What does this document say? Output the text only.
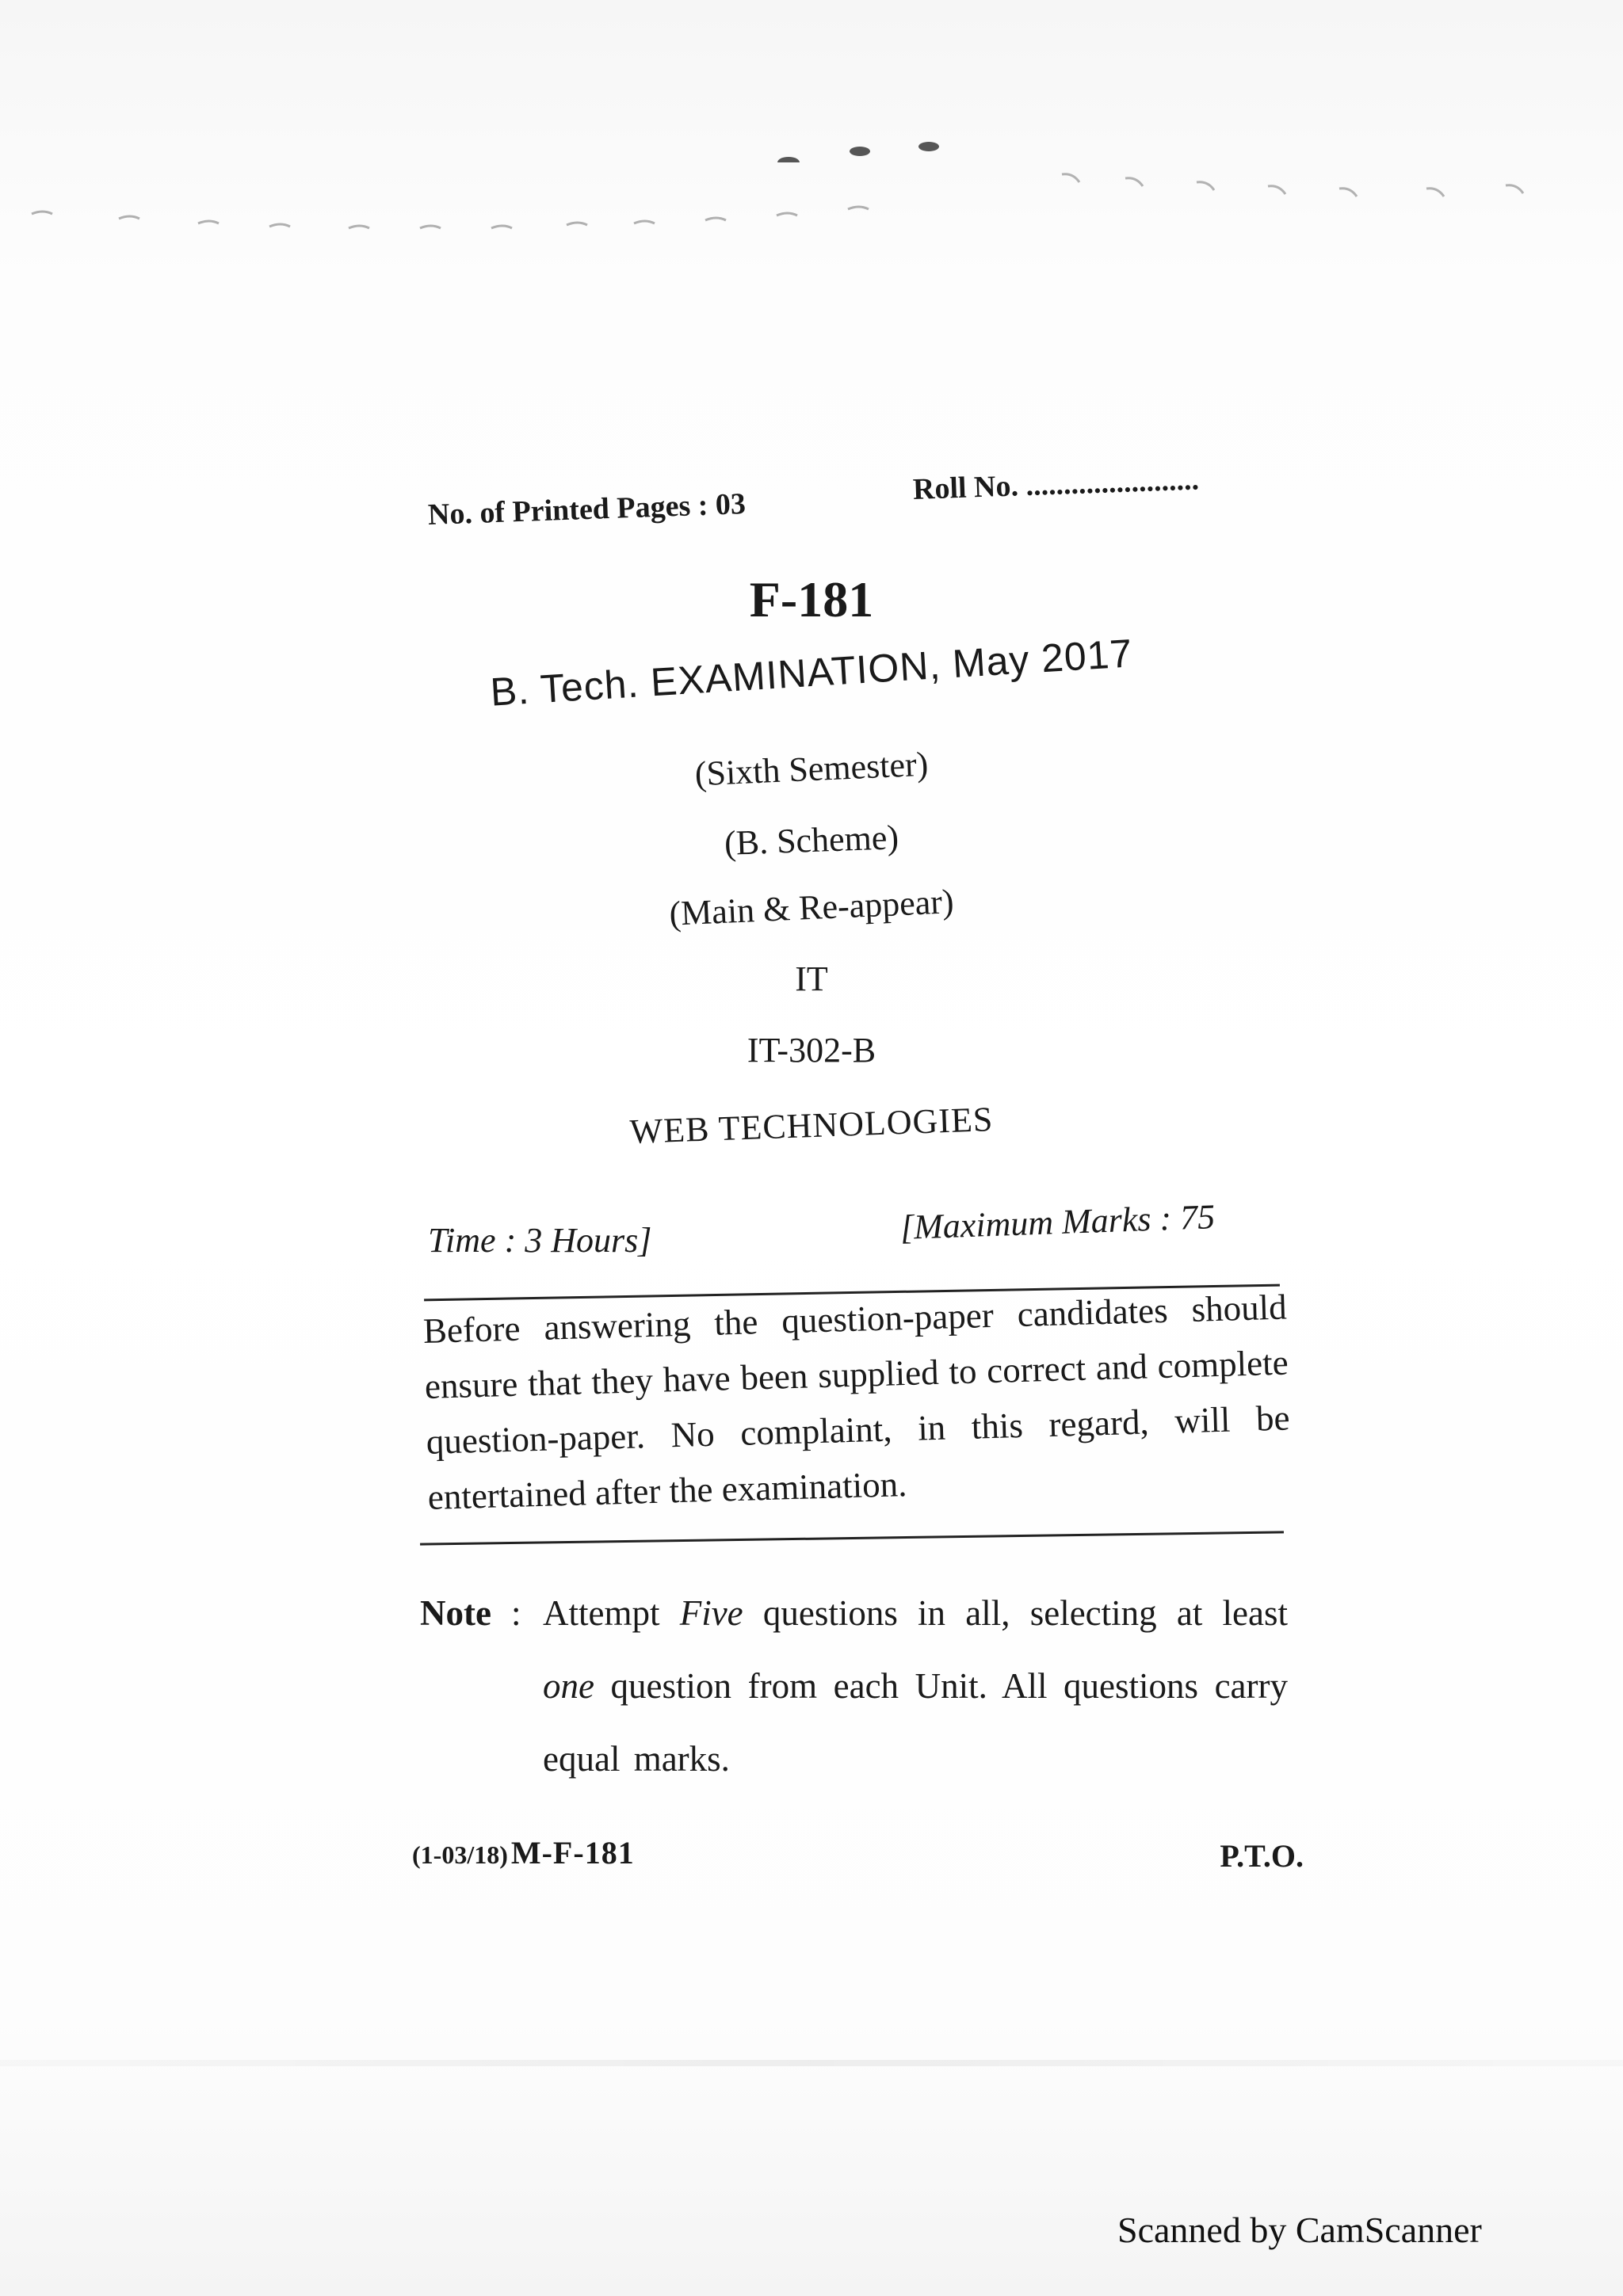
No. of Printed Pages : 03
Roll No. .......................
F-181
B. Tech. EXAMINATION, May 2017
(Sixth Semester)
(B. Scheme)
(Main & Re-appear)
IT
IT-302-B
WEB TECHNOLOGIES
Time : 3 Hours]	[Maximum Marks : 75
Before answering the question-paper candidates should ensure that they have been supplied to correct and complete question-paper. No complaint, in this regard, will be entertained after the examination.
Note : Attempt Five questions in all, selecting at least one question from each Unit. All questions carry equal marks.
(1-03/18) M-F-181	P.T.O.
Scanned by CamScanner
